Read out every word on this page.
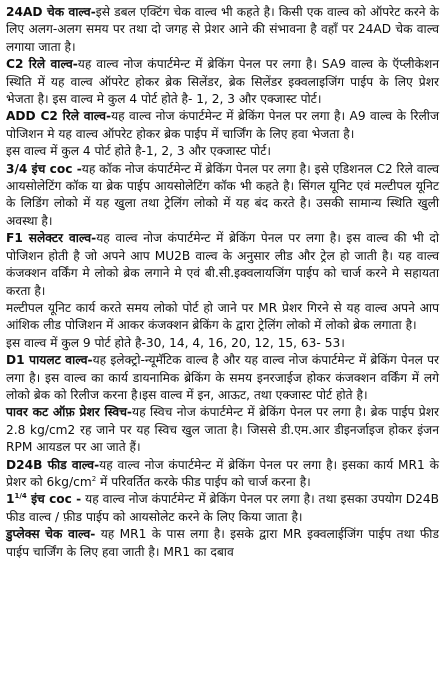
24AD चेक वाल्व-इसे डबल एक्टिंग चेक वाल्व भी कहते है। किसी एक वाल्व को ऑपरेट करने के लिए अलग-अलग समय पर तथा दो जगह से प्रेशर आने की संभावना है वहाँ पर 24AD चेक वाल्व लगाया जाता है।

C2 रिले वाल्व-यह वाल्व नोज कंपार्टमेन्ट में ब्रेकिंग पेनल पर लगा है। SA9 वाल्व के ऍप्लीकेशन स्थिति में यह वाल्व ऑपरेट होकर ब्रेक सिलेंडर, ब्रेक सिलेंडर इक्वलाइजिंग पाईप के लिए प्रेशर भेजता है। इस वाल्व मे कुल 4 पोर्ट होते है- 1, 2, 3 और एक्जास्ट पोर्ट।

ADD C2 रिले वाल्व-यह वाल्व नोज कंपार्टमेन्ट में ब्रेकिंग पेनल पर लगा है। A9 वाल्व के रिलीज पोजिशन मे यह वाल्व ऑपरेट होकर ब्रेक पाईप में चार्जिंग के लिए हवा भेजता है।

इस वाल्व में कुल 4 पोर्ट होते है-1, 2, 3 और एक्जास्ट पोर्ट।

3/4 इंच coc -यह कॉक नोज कंपार्टमेन्ट में ब्रेकिंग पेनल पर लगा है। इसे एडिशनल C2 रिले वाल्व आयसोलेटिंग कॉक या ब्रेक पाईप आयसोलेटिंग कॉक भी कहते है। सिंगल यूनिट एवं मल्टीपल यूनिट के लिडिंग लोको में यह खुला तथा ट्रेलिंग लोको में यह बंद करते है। उसकी सामान्य स्थिति खुली अवस्था है।

F1 सलेक्टर वाल्व-यह वाल्व नोज कंपार्टमेन्ट में ब्रेकिंग पेनल पर लगा है। इस वाल्व की भी दो पोजिशन होती है जो अपने आप MU2B वाल्व के अनुसार लीड और ट्रेल हो जाती है। यह वाल्व कंजक्शन वर्किंग मे लोको ब्रेक लगाने मे एवं बी.सी.इक्वलायजिंग पाईप को चार्ज करने मे सहायता करता है।

मल्टीपल यूनिट कार्य करते समय लोको पोर्ट हो जाने पर MR प्रेशर गिरने से यह वाल्व अपने आप आंशिक लीड पोजिशन में आकर कंजक्शन ब्रेकिंग के द्वारा ट्रेलिंग लोको में लोको ब्रेक लगाता है।

इस वाल्व में कुल 9 पोर्ट होते है-30, 14, 4, 16, 20, 12, 15, 63- 53।

D1 पायलट वाल्व-यह इलेक्ट्रो-न्यूमॅटिक वाल्व है और यह वाल्व नोज कंपार्टमेन्ट में ब्रेकिंग पेनल पर लगा है। इस वाल्व का कार्य डायनामिक ब्रेकिंग के समय इनरजाईज होकर कंजक्शन वर्किंग में लगे लोको ब्रेक को रिलीज करना है।इस वाल्व में इन, आऊट, तथा एक्जास्ट पोर्ट होते है।

पावर कट ऑफ़ प्रेशर स्विच-यह स्विच नोज कंपार्टमेन्ट में ब्रेकिंग पेनल पर लगा है। ब्रेक पाईप प्रेशर 2.8 kg/cm2 रह जाने पर यह स्विच खुल जाता है। जिससे डी.एम.आर डीइनर्जाइज होकर इंजन RPM आयडल पर आ जाते हैं।

D24B फीड वाल्व-यह वाल्व नोज कंपार्टमेन्ट में ब्रेकिंग पेनल पर लगा है। इसका कार्य MR1 के प्रेशर को $6kg/cm^2$ में परिवर्तित करके फीड पाईप को चार्ज करना है।

$1^{1/4}$ इंच coc - यह वाल्व नोज कंपार्टमेन्ट में ब्रेकिंग पेनल पर लगा है। तथा इसका उपयोग D24B फीड वाल्व / फ़ीड पाईप को आयसोलेट करने के लिए किया जाता है।

डुप्लेक्स चेक वाल्व- यह MR1 के पास लगा है। इसके द्वारा MR इक्वलाईजिंग पाईप तथा फीड पाईप चार्जिंग के लिए हवा जाती है। MR1 का दबाव
